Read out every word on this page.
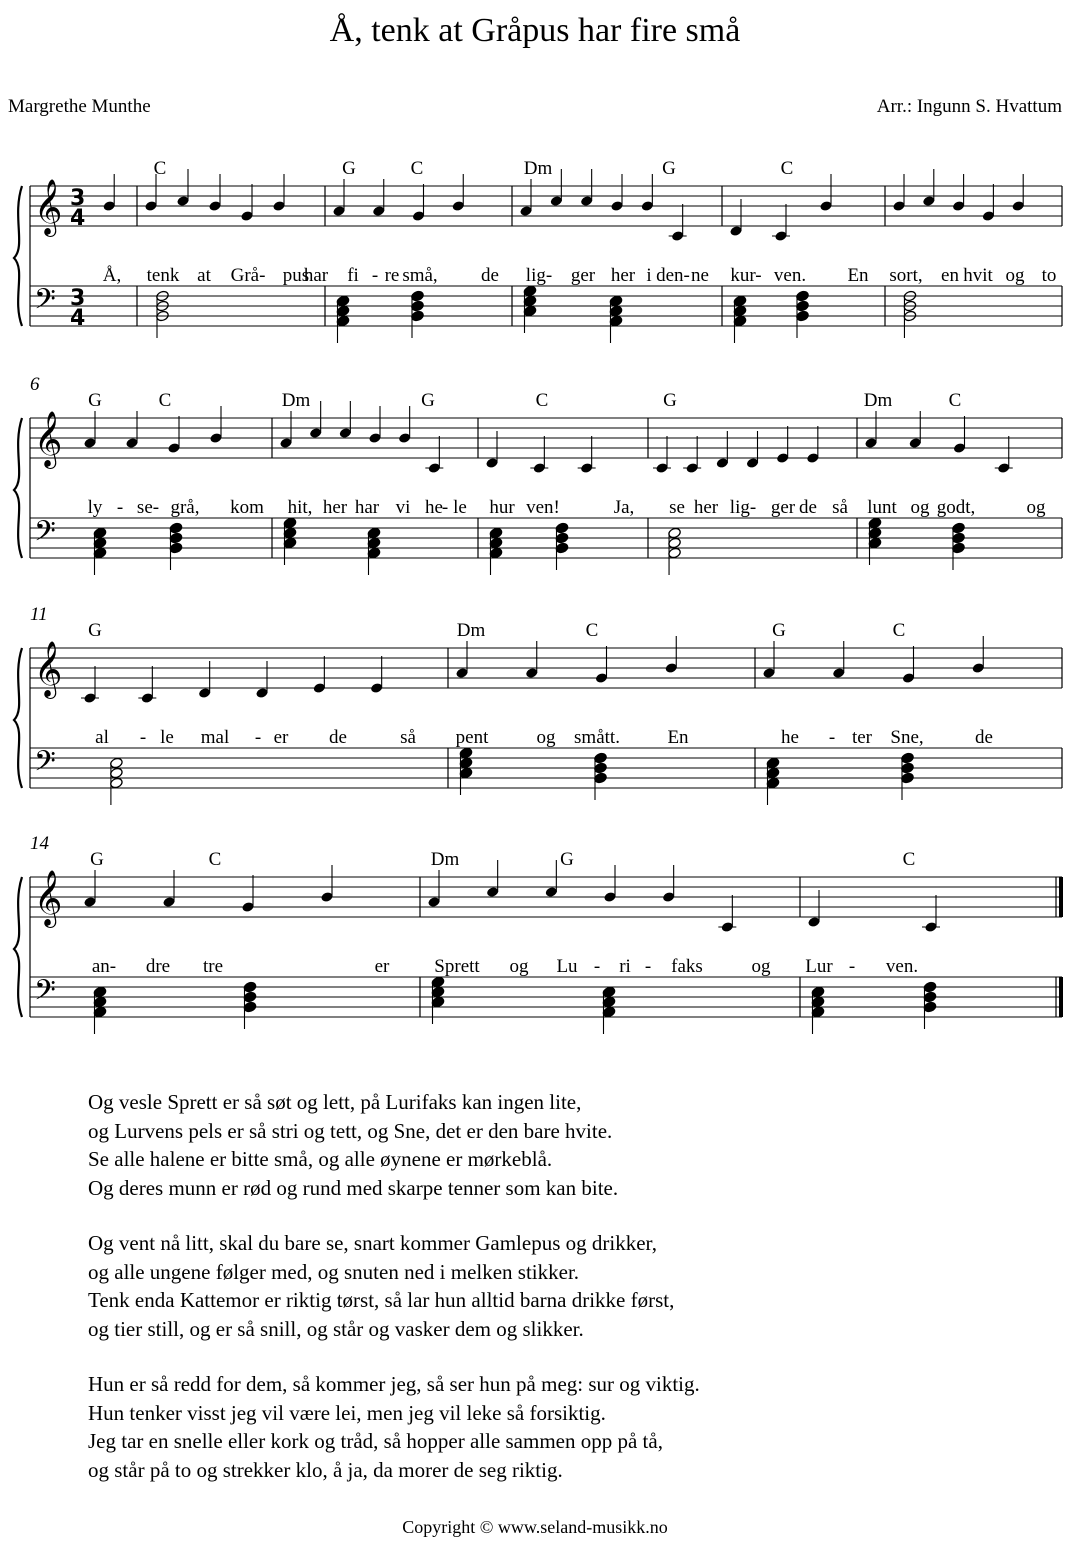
Å, tenk at Gråpus har fire små
Margrethe Munthe	Arr.: Ingunn S. Hvattum
𝄞
𝄢
3
4
3
4
Å,
C
tenk at Grå- pus
har
G	C
fi - re små, de
Dm	G
lig- ger her i den- ne
C
kur- ven. En sort, en hvit og to
𝄞
𝄢
6
G	C
ly - se- grå, kom
Dm	G
hit, her har vi he
- le
C
hur ven!	Ja,
G
se her lig- ger de så
Dm	C
lunt og godt,	og
𝄞
𝄢
11
G
al - le mal - er de	så
Dm	C
pent	og smått. En
G	C
he - ter Sne,	de
𝄞
𝄢
14
G	C
an- dre tre	er
Dm	G
Sprett og Lu - ri - faks	og
C
Lur - ven.
Og vesle Sprett er så søt og lett, på Lurifaks kan ingen lite,
og Lurvens pels er så stri og tett, og Sne, det er den bare hvite.
Se alle halene er bitte små, og alle øynene er mørkeblå.
Og deres munn er rød og rund med skarpe tenner som kan bite.
Og vent nå litt, skal du bare se, snart kommer Gamlepus og drikker,
og alle ungene følger med, og snuten ned i melken stikker.
Tenk enda Kattemor er riktig tørst, så lar hun alltid barna drikke først,
og tier still, og er så snill, og står og vasker dem og slikker.
Hun er så redd for dem, så kommer jeg, så ser hun på meg: sur og viktig.
Hun tenker visst jeg vil være lei, men jeg vil leke så forsiktig.
Jeg tar en snelle eller kork og tråd, så hopper alle sammen opp på tå,
og står på to og strekker klo, å ja, da morer de seg riktig.
Copyright © www.seland-musikk.no
